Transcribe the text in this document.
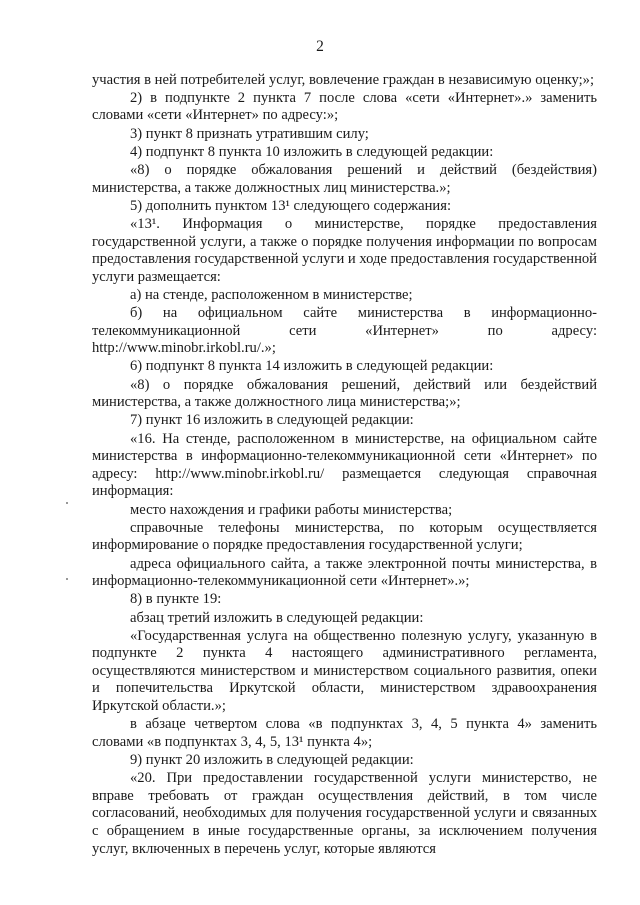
2

участия в ней потребителей услуг, вовлечение граждан в независимую оценку;»;

2) в подпункте 2 пункта 7 после слова «сети «Интернет».» заменить словами «сети «Интернет» по адресу:»;

3) пункт 8 признать утратившим силу;

4) подпункт 8 пункта 10 изложить в следующей редакции:

«8) о порядке обжалования решений и действий (бездействия) министерства, а также должностных лиц министерства.»;

5) дополнить пунктом 13¹ следующего содержания:

«13¹. Информация о министерстве, порядке предоставления государственной услуги, а также о порядке получения информации по вопросам предоставления государственной услуги и ходе предоставления государственной услуги размещается:

а) на стенде, расположенном в министерстве;

б) на официальном сайте министерства в информационно-телекоммуникационной сети «Интернет» по адресу: http://www.minobr.irkobl.ru/.»;

6) подпункт 8 пункта 14 изложить в следующей редакции:

«8) о порядке обжалования решений, действий или бездействий министерства, а также должностного лица министерства;»;

7) пункт 16 изложить в следующей редакции:

«16. На стенде, расположенном в министерстве, на официальном сайте министерства в информационно-телекоммуникационной сети «Интернет» по адресу: http://www.minobr.irkobl.ru/ размещается следующая справочная информация:

место нахождения и графики работы министерства;

справочные телефоны министерства, по которым осуществляется информирование о порядке предоставления государственной услуги;

адреса официального сайта, а также электронной почты министерства, в информационно-телекоммуникационной сети «Интернет».»;

8) в пункте 19:

абзац третий изложить в следующей редакции:

«Государственная услуга на общественно полезную услугу, указанную в подпункте 2 пункта 4 настоящего административного регламента, осуществляются министерством и министерством социального развития, опеки и попечительства Иркутской области, министерством здравоохранения Иркутской области.»;

в абзаце четвертом слова «в подпунктах 3, 4, 5 пункта 4» заменить словами «в подпунктах 3, 4, 5, 13¹ пункта 4»;

9) пункт 20 изложить в следующей редакции:

«20. При предоставлении государственной услуги министерство, не вправе требовать от граждан осуществления действий, в том числе согласований, необходимых для получения государственной услуги и связанных с обращением в иные государственные органы, за исключением получения услуг, включенных в перечень услуг, которые являются
